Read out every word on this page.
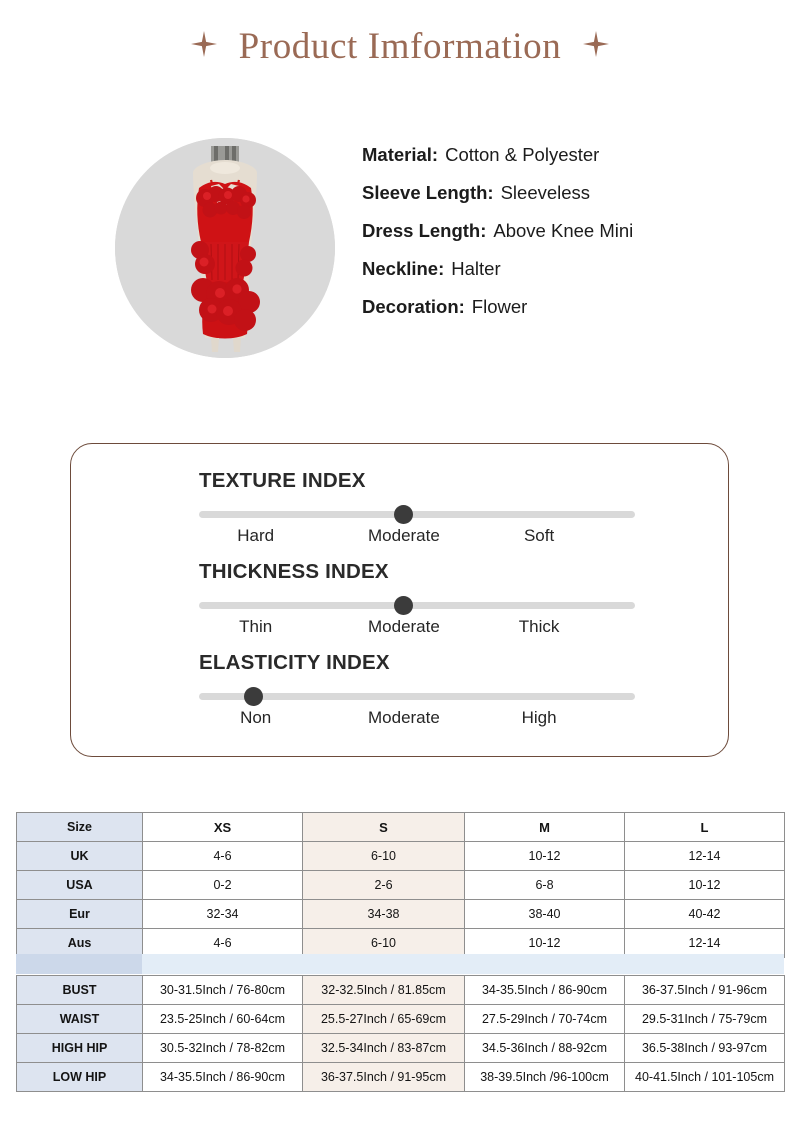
Product Imformation
Material: Cotton & Polyester
Sleeve Length: Sleeveless
Dress Length: Above Knee Mini
Neckline: Halter
Decoration: Flower
TEXTURE INDEX
Hard	Moderate	Soft
THICKNESS INDEX
Thin	Moderate	Thick
ELASTICITY INDEX
Non	Moderate	High
Size	XS	S	M	L
UK	4-6	6-10	10-12	12-14
USA	0-2	2-6	6-8	10-12
Eur	32-34	34-38	38-40	40-42
Aus	4-6	6-10	10-12	12-14

BUST	30-31.5Inch / 76-80cm	32-32.5Inch / 81.85cm	34-35.5Inch / 86-90cm	36-37.5Inch / 91-96cm
WAIST	23.5-25Inch / 60-64cm	25.5-27Inch / 65-69cm	27.5-29Inch / 70-74cm	29.5-31Inch / 75-79cm
HIGH HIP	30.5-32Inch / 78-82cm	32.5-34Inch / 83-87cm	34.5-36Inch / 88-92cm	36.5-38Inch / 93-97cm
LOW HIP	34-35.5Inch / 86-90cm	36-37.5Inch / 91-95cm	38-39.5Inch /96-100cm	40-41.5Inch / 101-105cm
